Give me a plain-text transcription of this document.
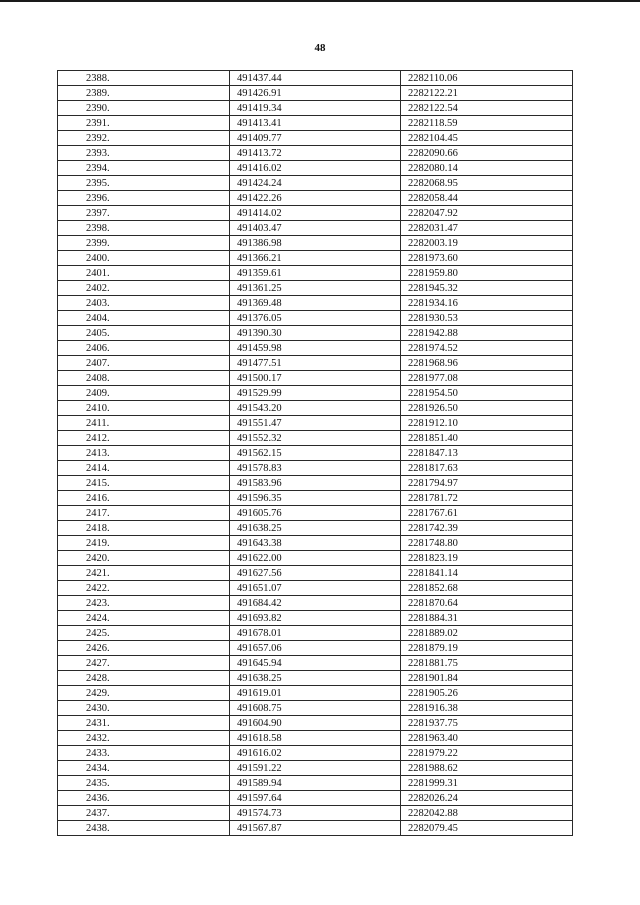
48
2388.	491437.44	2282110.06
2389.	491426.91	2282122.21
2390.	491419.34	2282122.54
2391.	491413.41	2282118.59
2392.	491409.77	2282104.45
2393.	491413.72	2282090.66
2394.	491416.02	2282080.14
2395.	491424.24	2282068.95
2396.	491422.26	2282058.44
2397.	491414.02	2282047.92
2398.	491403.47	2282031.47
2399.	491386.98	2282003.19
2400.	491366.21	2281973.60
2401.	491359.61	2281959.80
2402.	491361.25	2281945.32
2403.	491369.48	2281934.16
2404.	491376.05	2281930.53
2405.	491390.30	2281942.88
2406.	491459.98	2281974.52
2407.	491477.51	2281968.96
2408.	491500.17	2281977.08
2409.	491529.99	2281954.50
2410.	491543.20	2281926.50
2411.	491551.47	2281912.10
2412.	491552.32	2281851.40
2413.	491562.15	2281847.13
2414.	491578.83	2281817.63
2415.	491583.96	2281794.97
2416.	491596.35	2281781.72
2417.	491605.76	2281767.61
2418.	491638.25	2281742.39
2419.	491643.38	2281748.80
2420.	491622.00	2281823.19
2421.	491627.56	2281841.14
2422.	491651.07	2281852.68
2423.	491684.42	2281870.64
2424.	491693.82	2281884.31
2425.	491678.01	2281889.02
2426.	491657.06	2281879.19
2427.	491645.94	2281881.75
2428.	491638.25	2281901.84
2429.	491619.01	2281905.26
2430.	491608.75	2281916.38
2431.	491604.90	2281937.75
2432.	491618.58	2281963.40
2433.	491616.02	2281979.22
2434.	491591.22	2281988.62
2435.	491589.94	2281999.31
2436.	491597.64	2282026.24
2437.	491574.73	2282042.88
2438.	491567.87	2282079.45
